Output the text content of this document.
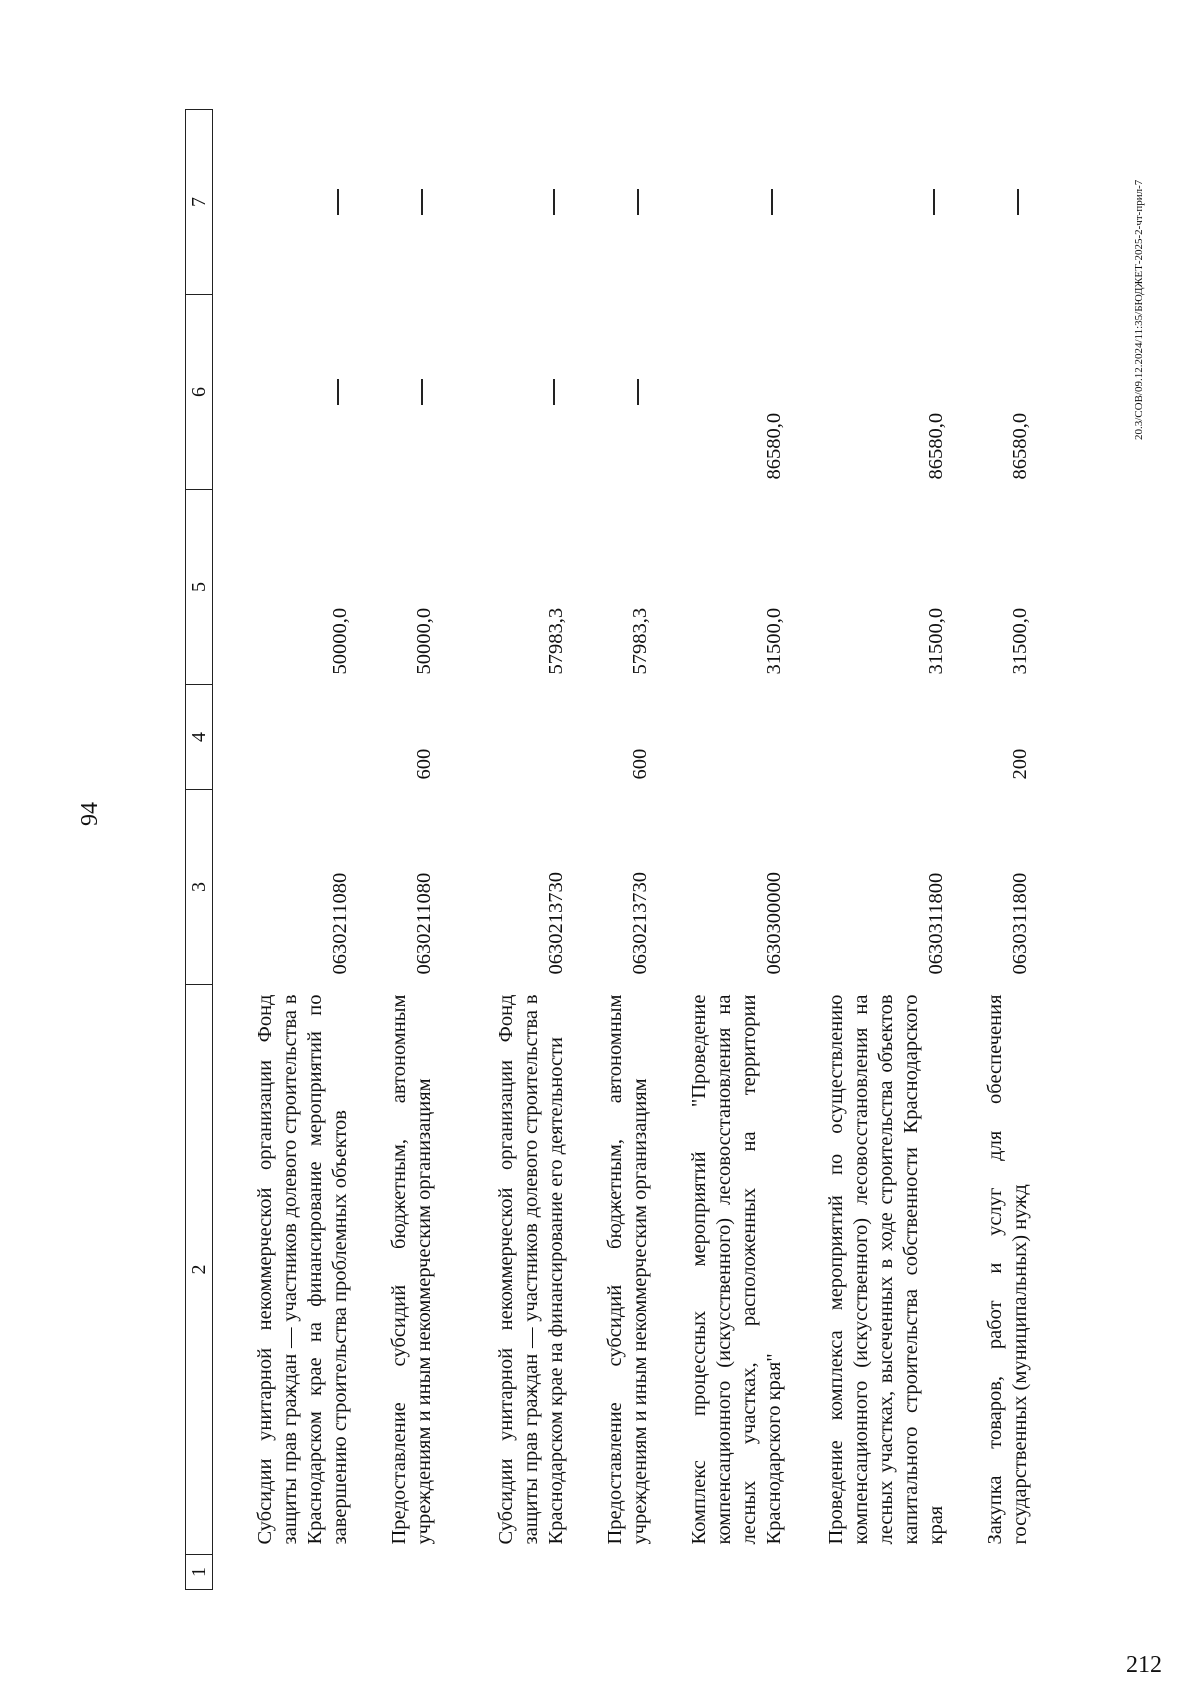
94
212
20.3/СОВ/09.12.2024/11:35/БЮДЖЕТ-2025-2-чт-прил-7
1	2	3	4	5	6	7
	Субсидии унитарной некоммерческой организации Фонд защиты прав граждан — участников долевого строительства в Краснодарском крае на финансирование мероприятий по завершению строительства проблемных объектов	0630211080		50000,0		
	Предоставление субсидий бюджетным, автономным учреждениям и иным некоммерческим организациям	0630211080	600	50000,0		
	Субсидии унитарной некоммерческой организации Фонд защиты прав граждан — участников долевого строительства в Краснодарском крае на финансирование его деятельности	0630213730		57983,3		
	Предоставление субсидий бюджетным, автономным учреждениям и иным некоммерческим организациям	0630213730	600	57983,3		
	Комплекс процессных мероприятий "Проведение компенсационного (искусственного) лесовосстановления на лесных участках, расположенных на территории Краснодарского края"	0630300000		31500,0	86580,0	
	Проведение комплекса мероприятий по осуществлению компенсационного (искусственного) лесовосстановления на лесных участках, высеченных в ходе строительства объектов капитального строительства собственности Краснодарского края	0630311800		31500,0	86580,0	
	Закупка товаров, работ и услуг для обеспечения государственных (муниципальных) нужд	0630311800	200	31500,0	86580,0	
